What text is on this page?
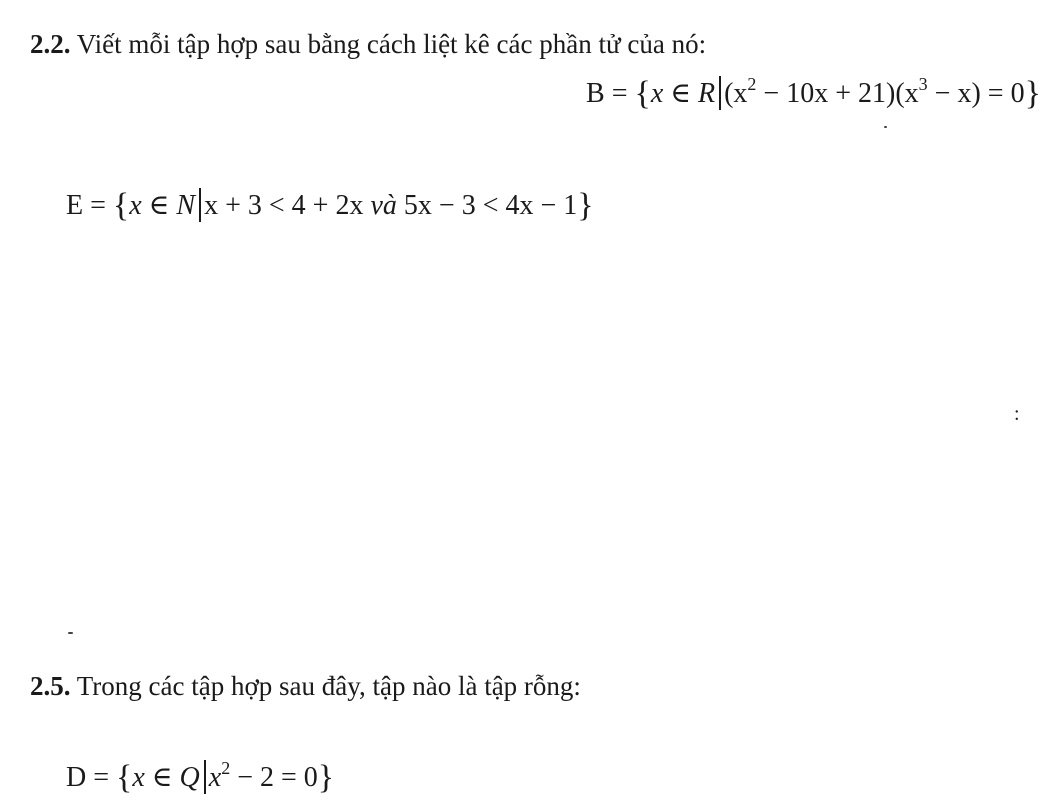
2.2. Viết mỗi tập hợp sau bằng cách liệt kê các phần tử của nó:
B = {x ∈ R $(x^2 - 10x + 21)(x^3 - x) = 0$}
E = {x ∈ N x + 3 < 4 + 2x và 5x − 3 < 4x − 1}
2.5. Trong các tập hợp sau đây, tập nào là tập rỗng:
D = {x ∈ Q $x^2 - 2 = 0$}
:
